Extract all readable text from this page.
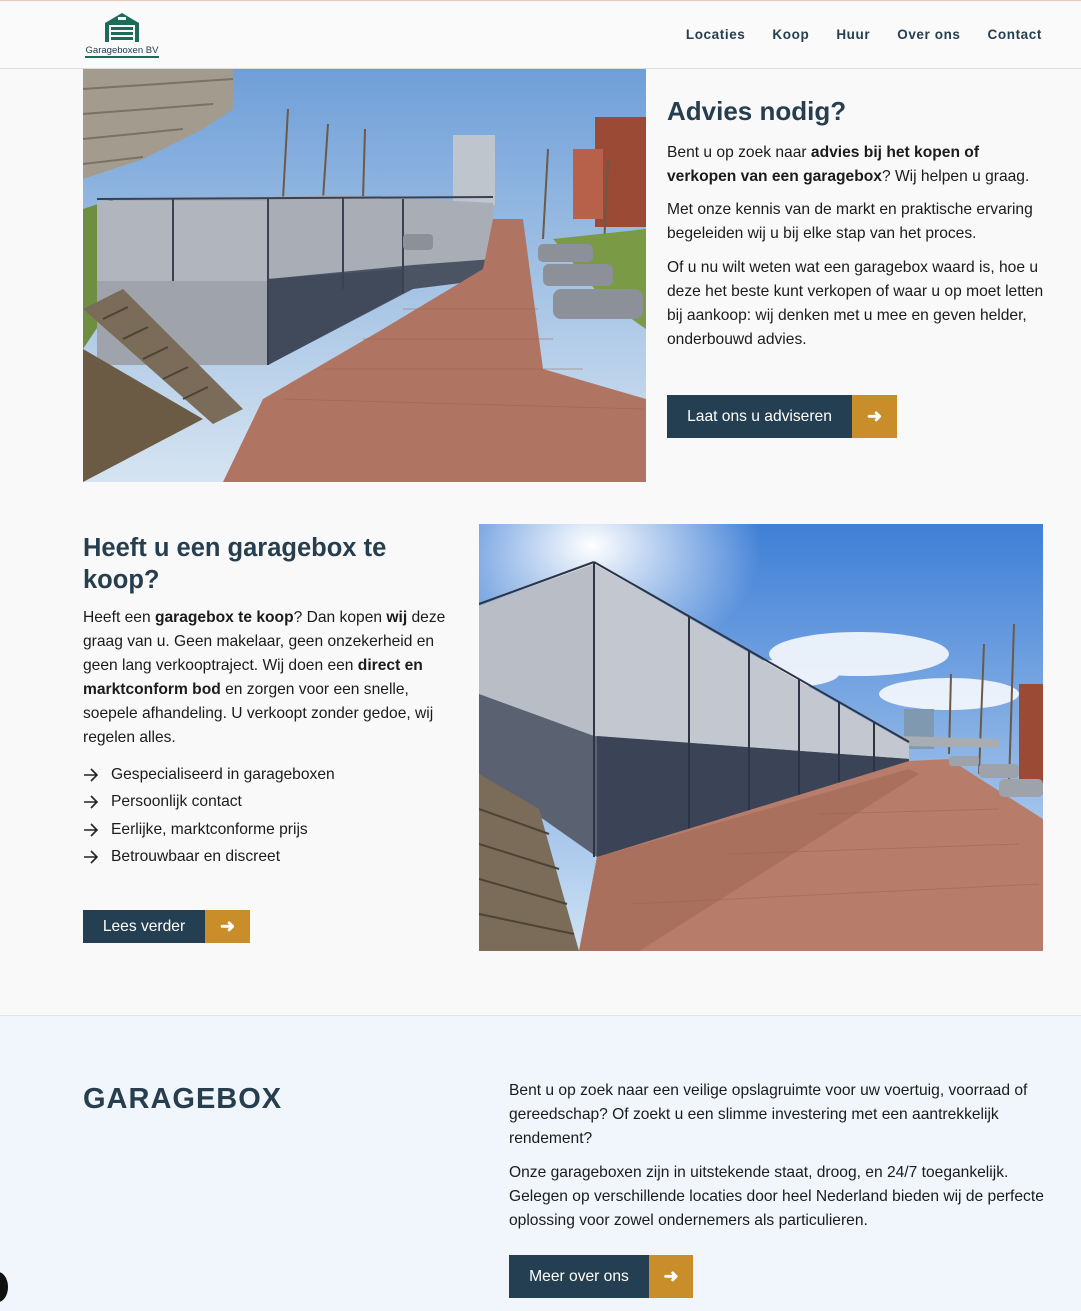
Garageboxen BV
Locaties Koop Huur Over ons Contact
Advies nodig?

Bent u op zoek naar advies bij het kopen of verkopen van een garagebox? Wij helpen u graag.

Met onze kennis van de markt en praktische ervaring begeleiden wij u bij elke stap van het proces.

Of u nu wilt weten wat een garagebox waard is, hoe u deze het beste kunt verkopen of waar u op moet letten bij aankoop: wij denken met u mee en geven helder, onderbouwd advies.

Laat ons u adviseren	➜
Heeft u een garagebox te koop?

Heeft een garagebox te koop? Dan kopen wij deze graag van u. Geen makelaar, geen onzekerheid en geen lang verkooptraject. Wij doen een direct en marktconform bod en zorgen voor een snelle, soepele afhandeling. U verkoopt zonder gedoe, wij regelen alles.

Gespecialiseerd in garageboxen
Persoonlijk contact
Eerlijke, marktconforme prijs
Betrouwbaar en discreet
Lees verder	➜
GARAGEBOX	Bent u op zoek naar een veilige opslagruimte voor uw voertuig, voorraad of gereedschap? Of zoekt u een slimme investering met een aantrekkelijk rendement?

Onze garageboxen zijn in uitstekende staat, droog, en 24/7 toegankelijk. Gelegen op verschillende locaties door heel Nederland bieden wij de perfecte oplossing voor zowel ondernemers als particulieren.

Meer over ons	➜
